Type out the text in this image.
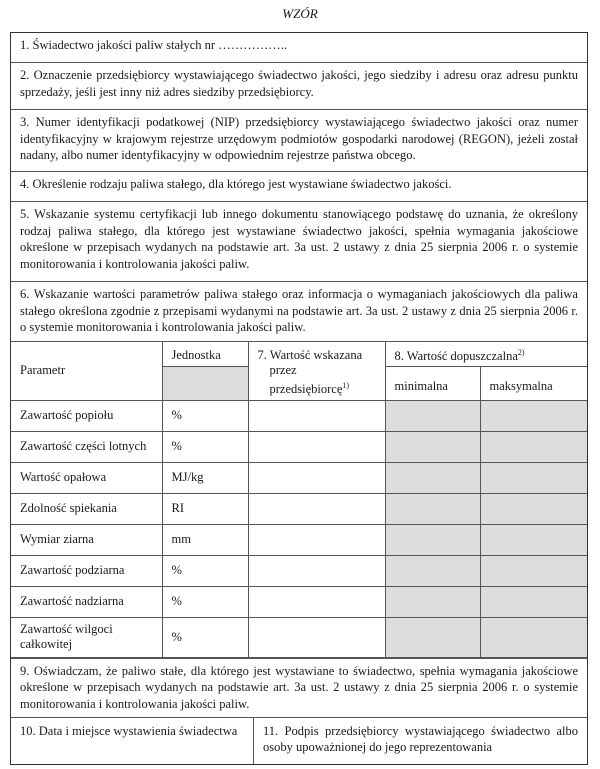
WZÓR
1. Świadectwo jakości paliw stałych nr ……………..
2. Oznaczenie przedsiębiorcy wystawiającego świadectwo jakości, jego siedziby i adresu oraz adresu punktu sprzedaży, jeśli jest inny niż adres siedziby przedsiębiorcy.
3. Numer identyfikacji podatkowej (NIP) przedsiębiorcy wystawiającego świadectwo jakości oraz numer identyfikacyjny w krajowym rejestrze urzędowym podmiotów gospodarki narodowej (REGON), jeżeli został nadany, albo numer identyfikacyjny w odpowiednim rejestrze państwa obcego.
4. Określenie rodzaju paliwa stałego, dla którego jest wystawiane świadectwo jakości.
5. Wskazanie systemu certyfikacji lub innego dokumentu stanowiącego podstawę do uznania, że określony rodzaj paliwa stałego, dla którego jest wystawiane świadectwo jakości, spełnia wymagania jakościowe określone w przepisach wydanych na podstawie art. 3a ust. 2 ustawy z dnia 25 sierpnia 2006 r. o systemie monitorowania i kontrolowania jakości paliw.
6. Wskazanie wartości parametrów paliwa stałego oraz informacja o wymaganiach jakościowych dla paliwa stałego określona zgodnie z przepisami wydanymi na podstawie art. 3a ust. 2 ustawy z dnia 25 sierpnia 2006 r. o systemie monitorowania i kontrolowania jakości paliw.
Parametr	Jednostka	7. Wartość wskazana
przez
przedsiębiorcę$^{1)}$	8. Wartość dopuszczalna$^{2)}$
			minimalna	maksymalna
Zawartość popiołu	%			
Zawartość części lotnych	%			
Wartość opałowa	MJ/kg			
Zdolność spiekania	RI			
Wymiar ziarna	mm			
Zawartość podziarna	%			
Zawartość nadziarna	%			
Zawartość wilgoci całkowitej	%			
9. Oświadczam, że paliwo stałe, dla którego jest wystawiane to świadectwo, spełnia wymagania jakościowe określone w przepisach wydanych na podstawie art. 3a ust. 2 ustawy z dnia 25 sierpnia 2006 r. o systemie monitorowania i kontrolowania jakości paliw.
10. Data i miejsce wystawienia świadectwa	11. Podpis przedsiębiorcy wystawiającego świadectwo albo osoby upoważnionej do jego reprezentowania
